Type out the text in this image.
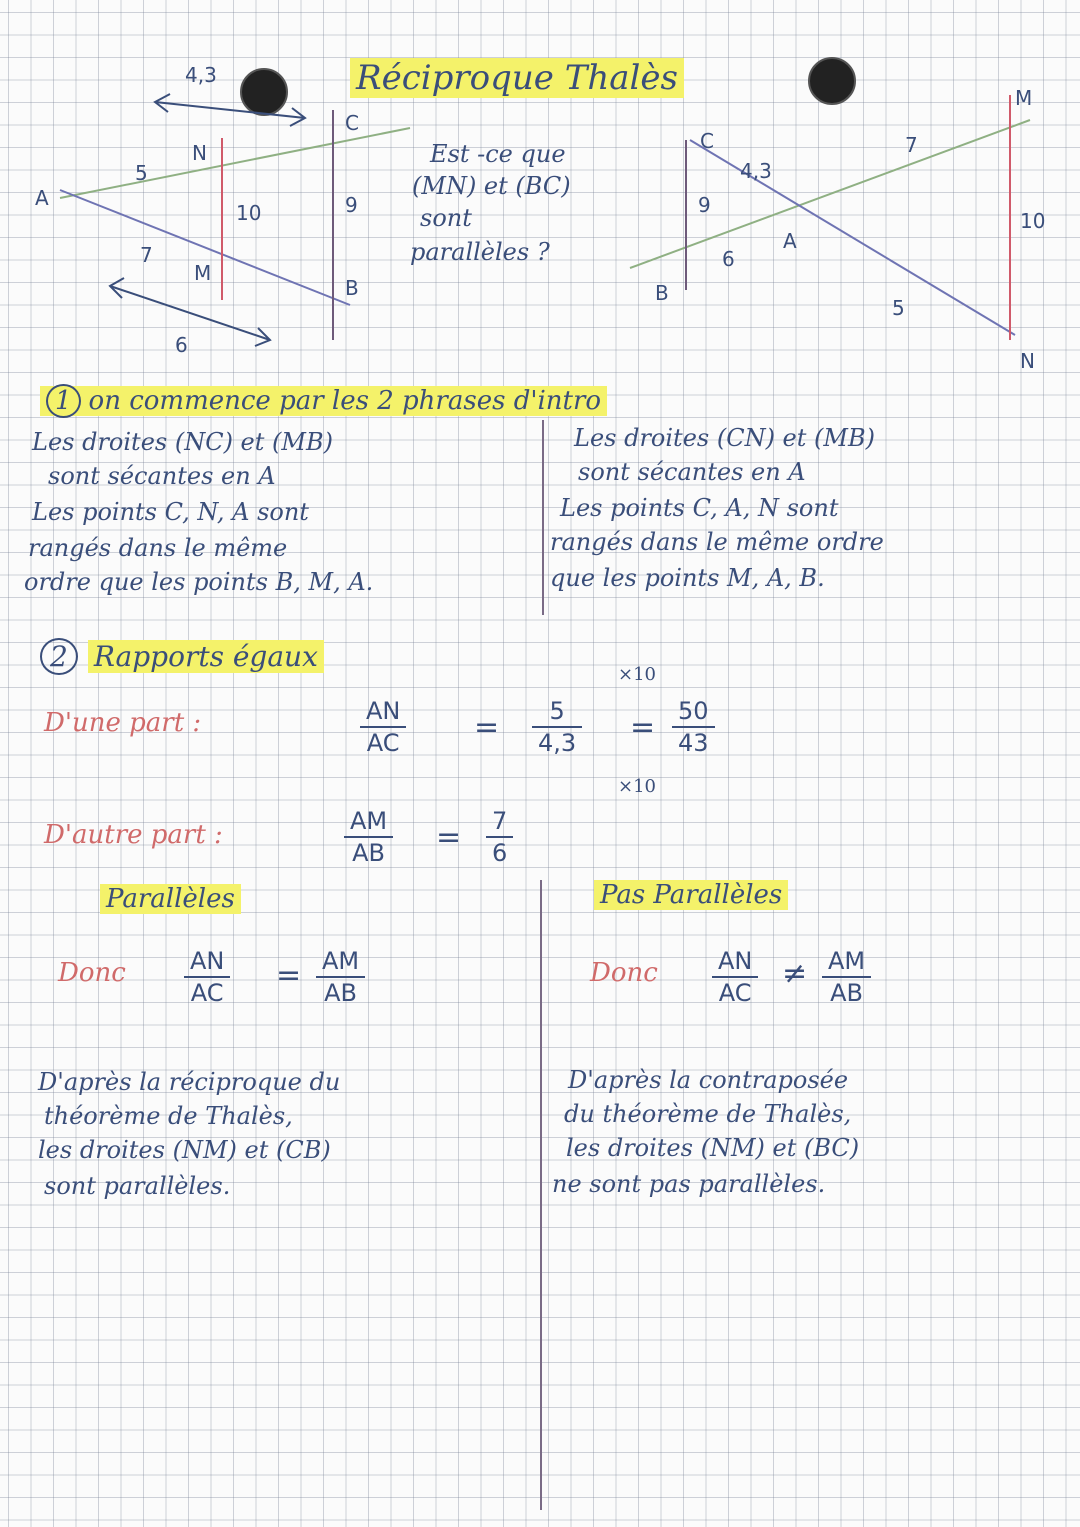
Réciproque Thalès
A
5
N
4,3
10
C
9
7
M
B
6
C
4,3
9
6
A
B
7
M
10
5
N
Est -ce que
(MN) et (BC)
sont
parallèles ?
1 on commence par les 2 phrases d'intro
Les droites (NC) et (MB)
sont sécantes en A
Les points C, N, A sont
rangés dans le même
ordre que les points B, M, A.
Les droites (CN) et (MB)
sont sécantes en A
Les points C, A, N sont
rangés dans le même ordre
que les points M, A, B.
2 Rapports égaux
D'une part :	$\frac{AN}{AC} = \frac{5}{4,3} = \frac{50}{43}$
×10
×10
D'autre part :	$\frac{AM}{AB} = \frac{7}{6}$
Parallèles
Donc $\frac{AN}{AC} = \frac{AM}{AB}$
D'après la réciproque du
théorème de Thalès,
les droites (NM) et (CB)
sont parallèles.
Pas Parallèles
Donc $\frac{AN}{AC} \ne \frac{AM}{AB}$
D'après la contraposée
du théorème de Thalès,
les droites (NM) et (BC)
ne sont pas parallèles.
